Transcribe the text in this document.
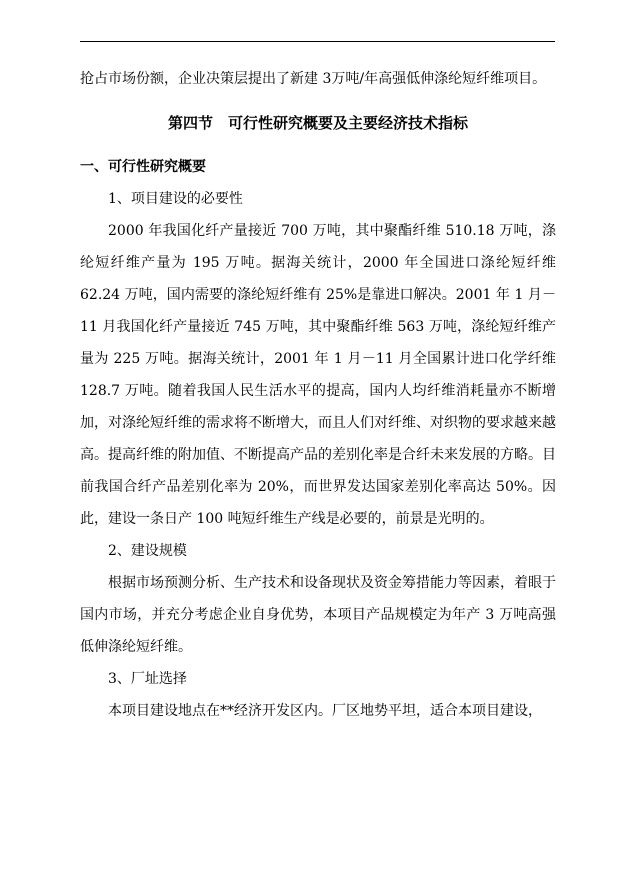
抢占市场份额，企业决策层提出了新建 3万吨/年高强低伸涤纶短纤维项目。

第四节　可行性研究概要及主要经济技术指标

一、可行性研究概要

1、项目建设的必要性

2000 年我国化纤产量接近 700 万吨，其中聚酯纤维 510.18 万吨，涤纶短纤维产量为 195 万吨。据海关统计，2000 年全国进口涤纶短纤维 62.24 万吨，国内需要的涤纶短纤维有 25%是靠进口解决。2001 年 1 月－11 月我国化纤产量接近 745 万吨，其中聚酯纤维 563 万吨，涤纶短纤维产量为 225 万吨。据海关统计，2001 年 1 月－11 月全国累计进口化学纤维 128.7 万吨。随着我国人民生活水平的提高，国内人均纤维消耗量亦不断增加，对涤纶短纤维的需求将不断增大，而且人们对纤维、对织物的要求越来越高。提高纤维的附加值、不断提高产品的差别化率是合纤未来发展的方略。目前我国合纤产品差别化率为 20%，而世界发达国家差别化率高达 50%。因此，建设一条日产 100 吨短纤维生产线是必要的，前景是光明的。

2、建设规模

根据市场预测分析、生产技术和设备现状及资金筹措能力等因素，着眼于国内市场，并充分考虑企业自身优势，本项目产品规模定为年产 3 万吨高强低伸涤纶短纤维。

3、厂址选择

本项目建设地点在**经济开发区内。厂区地势平坦，适合本项目建设，
